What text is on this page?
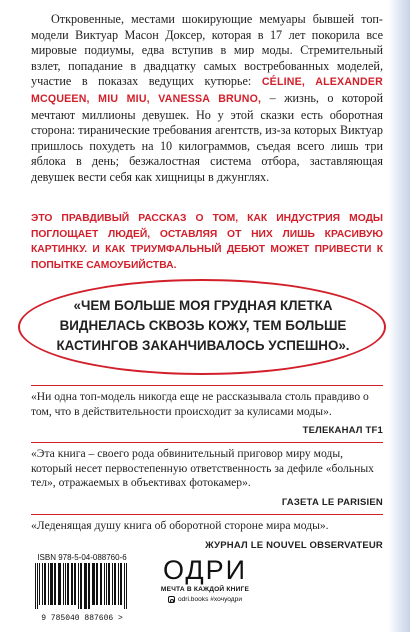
Откровенные, местами шокирующие мемуары бывшей топ-модели Виктуар Масон Доксер, которая в 17 лет покорила все мировые подиумы, едва вступив в мир моды. Стремительный взлет, попадание в двадцатку самых востребованных моделей, участие в показах ведущих кутюрье: CÉLINE, ALEXANDER MCQUEEN, MIU MIU, VANESSA BRUNO, – жизнь, о которой мечтают миллионы девушек. Но у этой сказки есть оборотная сторона: тиранические требования агентств, из-за которых Виктуар пришлось похудеть на 10 килограммов, съедая всего лишь три яблока в день; безжалостная система отбора, заставляющая девушек вести себя как хищницы в джунглях.

ЭТО ПРАВДИВЫЙ РАССКАЗ О ТОМ, КАК ИНДУСТРИЯ МОДЫ ПОГЛОЩАЕТ ЛЮДЕЙ, ОСТАВЛЯЯ ОТ НИХ ЛИШЬ КРАСИВУЮ КАРТИНКУ. И КАК ТРИУМФАЛЬНЫЙ ДЕБЮТ МОЖЕТ ПРИВЕСТИ К ПОПЫТКЕ САМОУБИЙСТВА.

«ЧЕМ БОЛЬШЕ МОЯ ГРУДНАЯ КЛЕТКА ВИДНЕЛАСЬ СКВОЗЬ КОЖУ, ТЕМ БОЛЬШЕ КАСТИНГОВ ЗАКАНЧИВАЛОСЬ УСПЕШНО».

«Ни одна топ-модель никогда еще не рассказывала столь правдиво о том, что в действительности происходит за кулисами моды».

ТЕЛЕКАНАЛ TF1

«Эта книга – своего рода обвинительный приговор миру моды, который несет первостепенную ответственность за дефиле «больных тел», отражаемых в объективах фотокамер».

ГАЗЕТА LE PARISIEN

«Леденящая душу книга об оборотной стороне мира моды».

ЖУРНАЛ LE NOUVEL OBSERVATEUR

ISBN 978-5-04-088760-6

9 785040 887606 >

ОДРИ

МЕЧТА В КАЖДОЙ КНИГЕ

odri.books #хочуодри
